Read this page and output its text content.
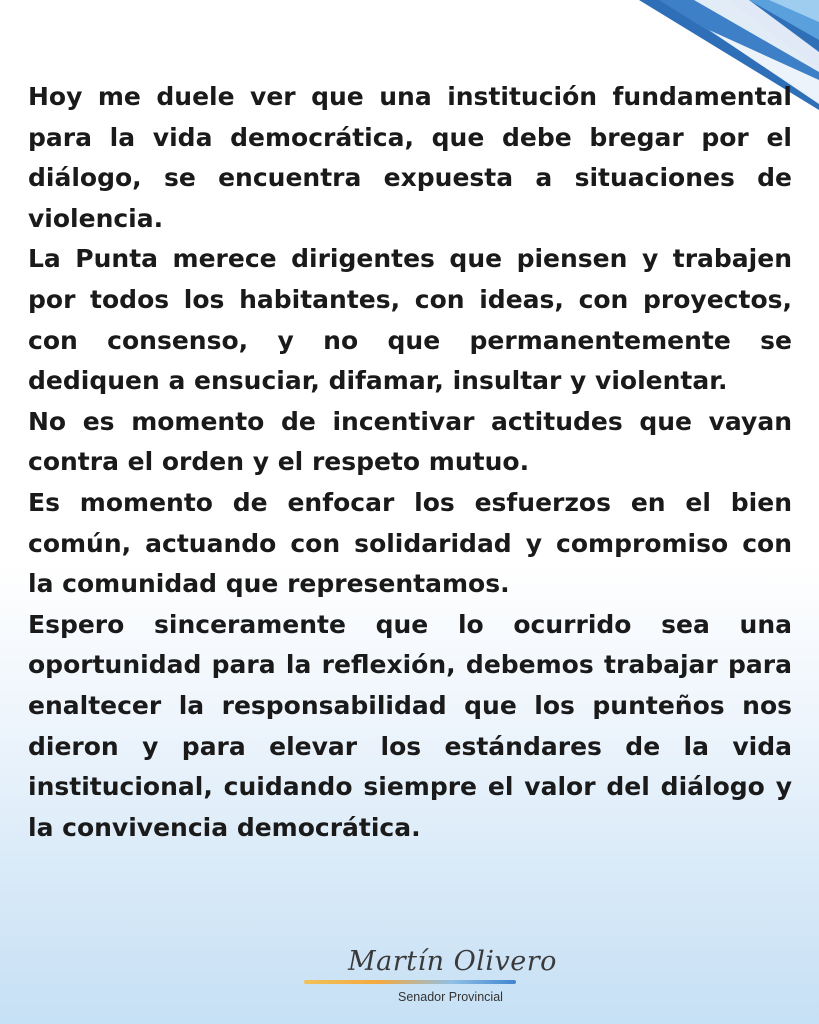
Hoy me duele ver que una institución fundamental para la vida democrática, que debe bregar por el diálogo, se encuentra expuesta a situaciones de violencia.

La Punta merece dirigentes que piensen y trabajen por todos los habitantes, con ideas, con proyectos, con consenso, y no que permanentemente se dediquen a ensuciar, difamar, insultar y violentar.

No es momento de incentivar actitudes que vayan contra el orden y el respeto mutuo.

Es momento de enfocar los esfuerzos en el bien común, actuando con solidaridad y compromiso con la comunidad que representamos.

Espero sinceramente que lo ocurrido sea una oportunidad para la reflexión, debemos trabajar para enaltecer la responsabilidad que los punteños nos dieron y para elevar los estándares de la vida institucional, cuidando siempre el valor del diálogo y la convivencia democrática.

Martín Olivero
Senador Provincial
